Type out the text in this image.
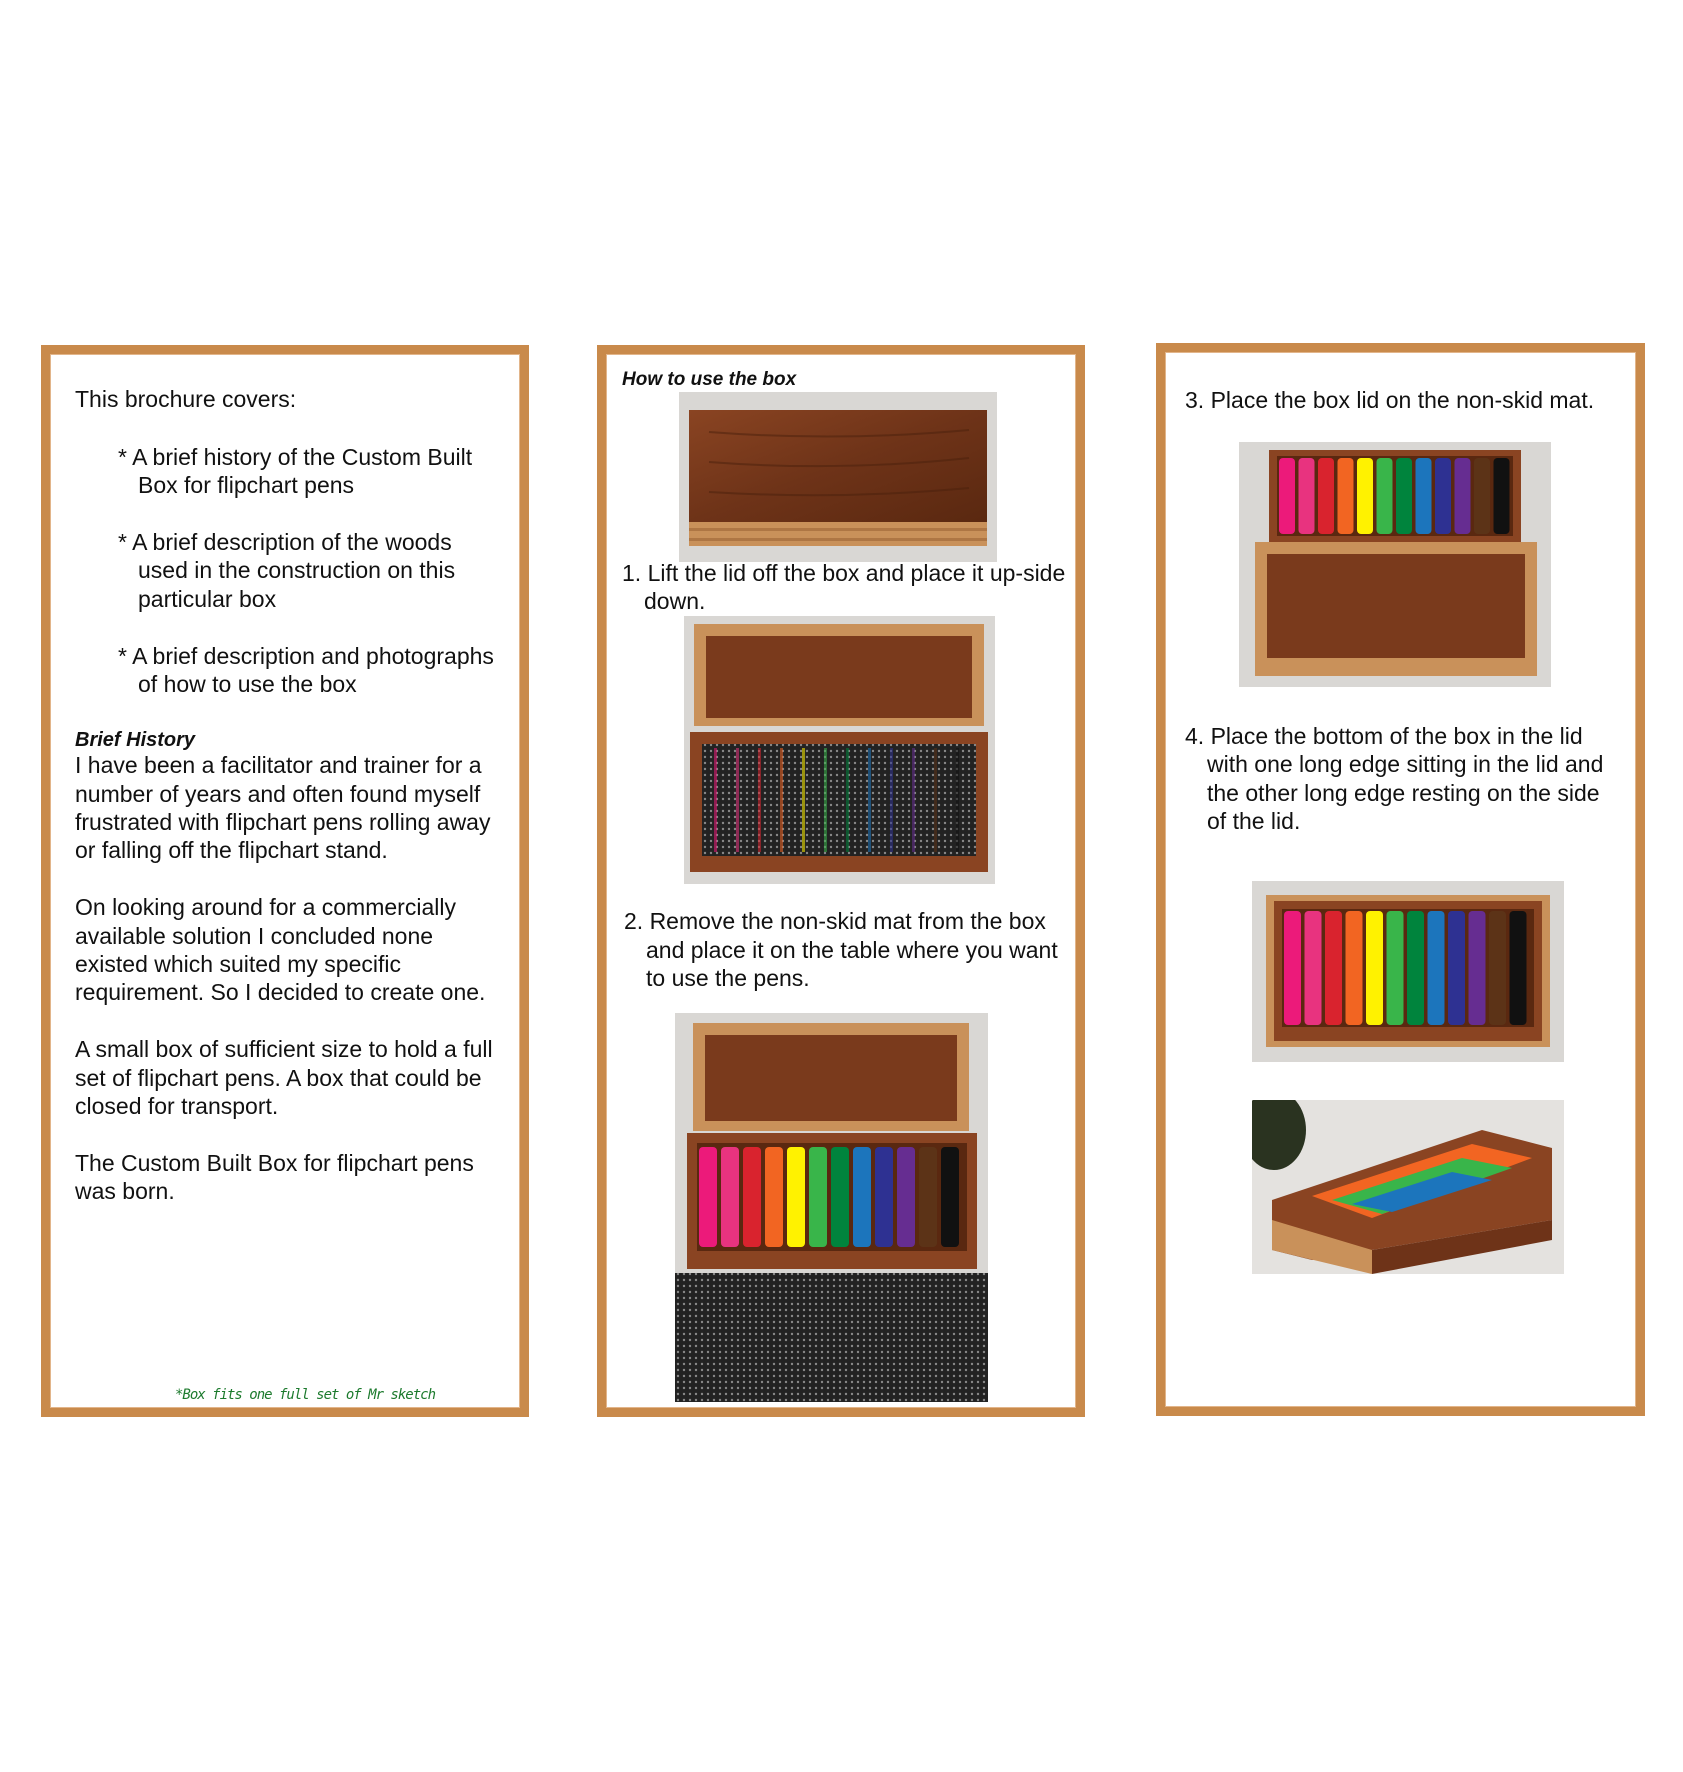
This brochure covers:
* A brief history of the Custom Built
Box for flipchart pens
* A brief description of the woods
used in the construction on this
particular box
* A brief description and photographs
of how to use the box
Brief History
I have been a facilitator and trainer for a
number of years and often found myself
frustrated with flipchart pens rolling away
or falling off the flipchart stand.
On looking around for a commercially
available solution I concluded none
existed which suited my specific
requirement. So I decided to create one.
A small box of sufficient size to hold a full
set of flipchart pens. A box that could be
closed for transport.
The Custom Built Box for flipchart pens
was born.
*Box fits one full set of Mr sketch
How to use the box
1. Lift the lid off the box and place it up-side
down.
2. Remove the non-skid mat from the box
and place it on the table where you want
to use the pens.
3. Place the box lid on the non-skid mat.
4. Place the bottom of the box in the lid
with one long edge sitting in the lid and
the other long edge resting on the side
of the lid.
